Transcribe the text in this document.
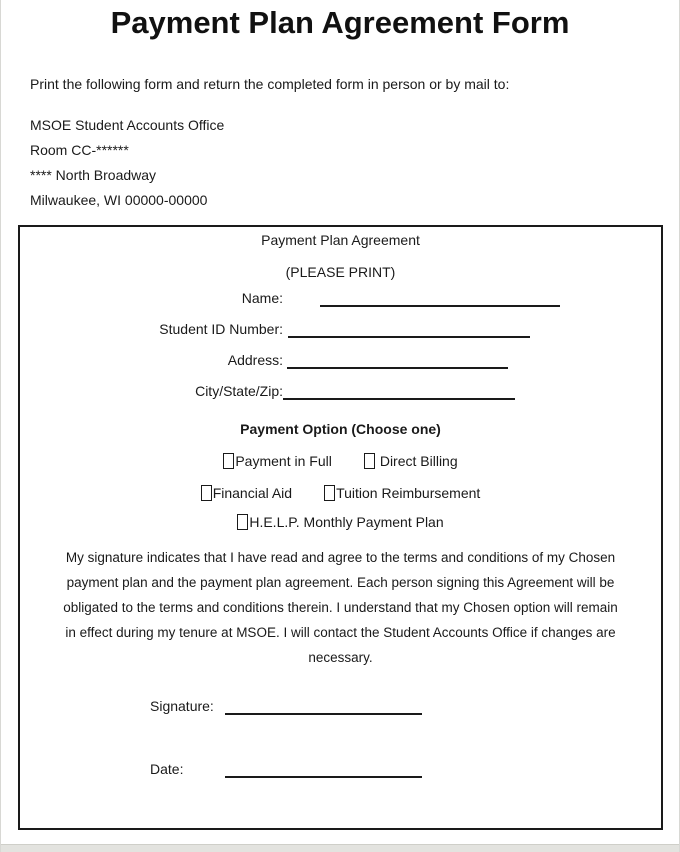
Payment Plan Agreement Form

Print the following form and return the completed form in person or by mail to:

MSOE Student Accounts Office
Room CC-******
**** North Broadway
Milwaukee, WI 00000-00000
Payment Plan Agreement
(PLEASE PRINT)
Name:
Student ID Number:
Address:
City/State/Zip:
Payment Option (Choose one)
Payment in Full	Direct Billing
Financial Aid	Tuition Reimbursement
H.E.L.P. Monthly Payment Plan

My signature indicates that I have read and agree to the terms and conditions of my Chosen payment plan and the payment plan agreement. Each person signing this Agreement will be obligated to the terms and conditions therein. I understand that my Chosen option will remain in effect during my tenure at MSOE. I will contact the Student Accounts Office if changes are necessary.

Signature:
Date:
